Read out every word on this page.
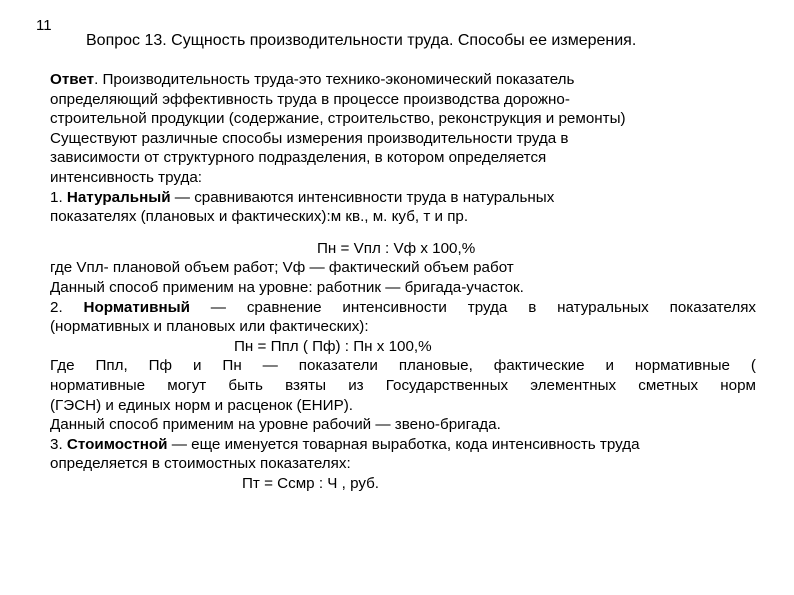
11
Вопрос 13. Сущность производительности труда. Способы ее измерения.

Ответ. Производительность труда-это технико-экономический показатель

определяющий эффективность труда в процессе производства дорожно-

строительной продукции (содержание, строительство, реконструкция и ремонты)

Существуют различные способы измерения производительности труда в

зависимости от структурного подразделения, в котором определяется

интенсивность труда:

1. Натуральный — сравниваются интенсивности труда в натуральных

показателях (плановых и фактических):м кв., м. куб, т и пр.

Пн = Vпл : Vф х 100,%

где Vпл- плановой объем работ; Vф — фактический объем работ

Данный способ применим на уровне: работник — бригада-участок.

2. Нормативный — сравнение интенсивности труда в натуральных показателях

(нормативных и плановых или фактических):

Пн = Ппл ( Пф) : Пн х 100,%

Где Ппл, Пф и Пн — показатели плановые, фактические и нормативные (

нормативные могут быть взяты из Государственных элементных сметных норм

(ГЭСН) и единых норм и расценок (ЕНИР).

Данный способ применим на уровне рабочий — звено-бригада.

3. Стоимостной — еще именуется товарная выработка, кода интенсивность труда

определяется в стоимостных показателях:

Пт = Ссмр : Ч , руб.
